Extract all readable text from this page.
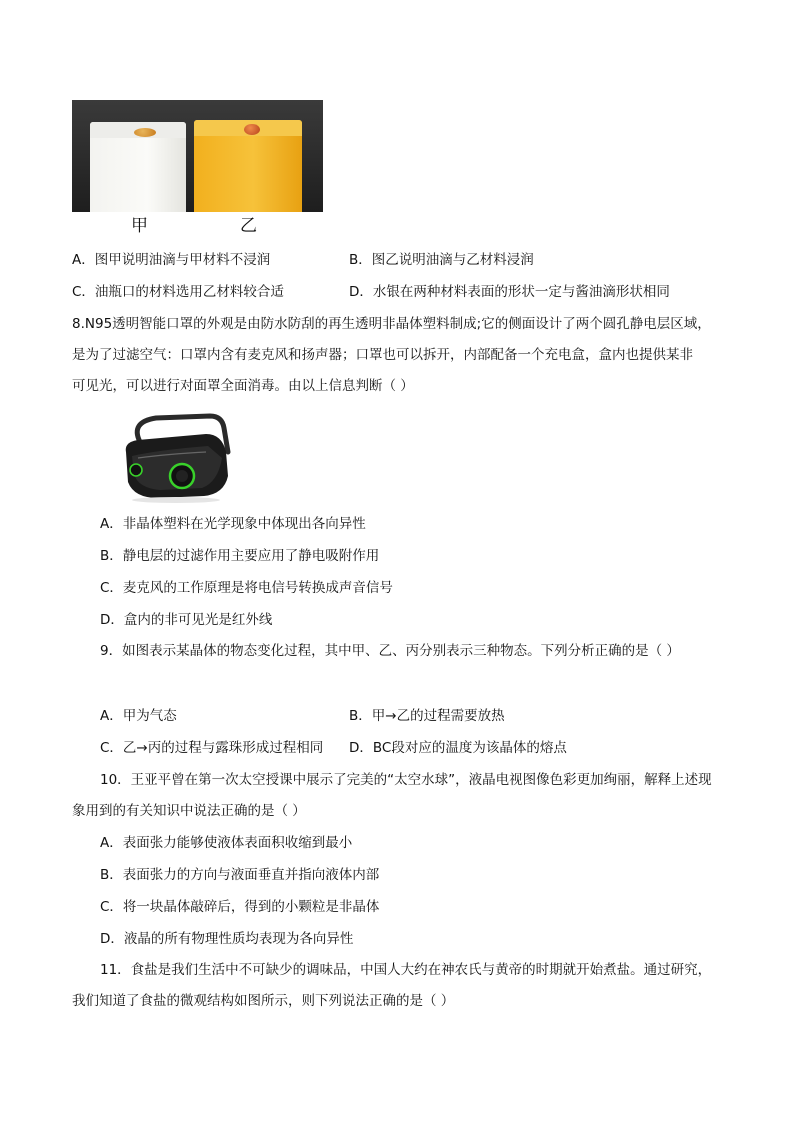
甲	乙
A．图甲说明油滴与甲材料不浸润	B．图乙说明油滴与乙材料浸润
C．油瓶口的材料选用乙材料较合适	D．水银在两种材料表面的形状一定与酱油滴形状相同
8.N95透明智能口罩的外观是由防水防刮的再生透明非晶体塑料制成;它的侧面设计了两个圆孔静电层区域，
是为了过滤空气：口罩内含有麦克风和扬声器；口罩也可以拆开，内部配备一个充电盒，盒内也提供某非
可见光，可以进行对面罩全面消毒。由以上信息判断（ ）
A．非晶体塑料在光学现象中体现出各向异性
B．静电层的过滤作用主要应用了静电吸附作用
C．麦克风的工作原理是将电信号转换成声音信号
D．盒内的非可见光是红外线
9．如图表示某晶体的物态变化过程，其中甲、乙、丙分别表示三种物态。下列分析正确的是（ ）
A．甲为气态	B．甲→乙的过程需要放热
C．乙→丙的过程与露珠形成过程相同 D．BC段对应的温度为该晶体的熔点
10．王亚平曾在第一次太空授课中展示了完美的“太空水球”，液晶电视图像色彩更加绚丽，解释上述现
象用到的有关知识中说法正确的是（ ）
A．表面张力能够使液体表面积收缩到最小
B．表面张力的方向与液面垂直并指向液体内部
C．将一块晶体敲碎后，得到的小颗粒是非晶体
D．液晶的所有物理性质均表现为各向异性
11．食盐是我们生活中不可缺少的调味品，中国人大约在神农氏与黄帝的时期就开始煮盐。通过研究，
我们知道了食盐的微观结构如图所示，则下列说法正确的是（ ）
